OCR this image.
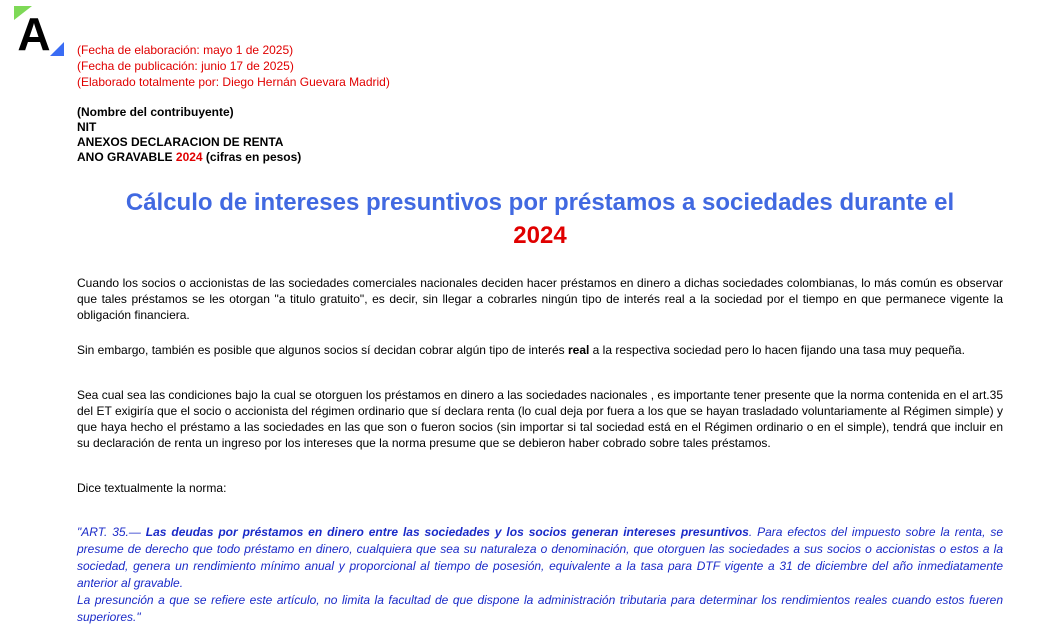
A (Fecha de elaboración: mayo 1 de 2025)
(Fecha de publicación: junio 17 de 2025)
(Elaborado totalmente por: Diego Hernán Guevara Madrid)
(Nombre del contribuyente)
NIT
ANEXOS DECLARACION DE RENTA
ANO GRAVABLE 2024 (cifras en pesos)
Cálculo de intereses presuntivos por préstamos a sociedades durante el
2024
Cuando los socios o accionistas de las sociedades comerciales nacionales deciden hacer préstamos en dinero a dichas sociedades colombianas, lo más común es observar que tales préstamos se les otorgan "a titulo gratuito", es decir, sin llegar a cobrarles ningún tipo de interés real a la sociedad por el tiempo en que permanece vigente la obligación financiera.
Sin embargo, también es posible que algunos socios sí decidan cobrar algún tipo de interés real a la respectiva sociedad pero lo hacen fijando una tasa muy pequeña.
Sea cual sea las condiciones bajo la cual se otorguen los préstamos en dinero a las sociedades nacionales , es importante tener presente que la norma contenida en el art.35 del ET exigiría que el socio o accionista del régimen ordinario que sí declara renta (lo cual deja por fuera a los que se hayan trasladado voluntariamente al Régimen simple) y que haya hecho el préstamo a las sociedades en las que son o fueron socios (sin importar si tal sociedad está en el Régimen ordinario o en el simple), tendrá que incluir en su declaración de renta un ingreso por los intereses que la norma presume que se debieron haber cobrado sobre tales préstamos.
Dice textualmente la norma:
"ART. 35.— Las deudas por préstamos en dinero entre las sociedades y los socios generan intereses presuntivos. Para efectos del impuesto sobre la renta, se presume de derecho que todo préstamo en dinero, cualquiera que sea su naturaleza o denominación, que otorguen las sociedades a sus socios o accionistas o estos a la sociedad, genera un rendimiento mínimo anual y proporcional al tiempo de posesión, equivalente a la tasa para DTF vigente a 31 de diciembre del año inmediatamente anterior al gravable.
La presunción a que se refiere este artículo, no limita la facultad de que dispone la administración tributaria para determinar los rendimientos reales cuando estos fueren superiores."
